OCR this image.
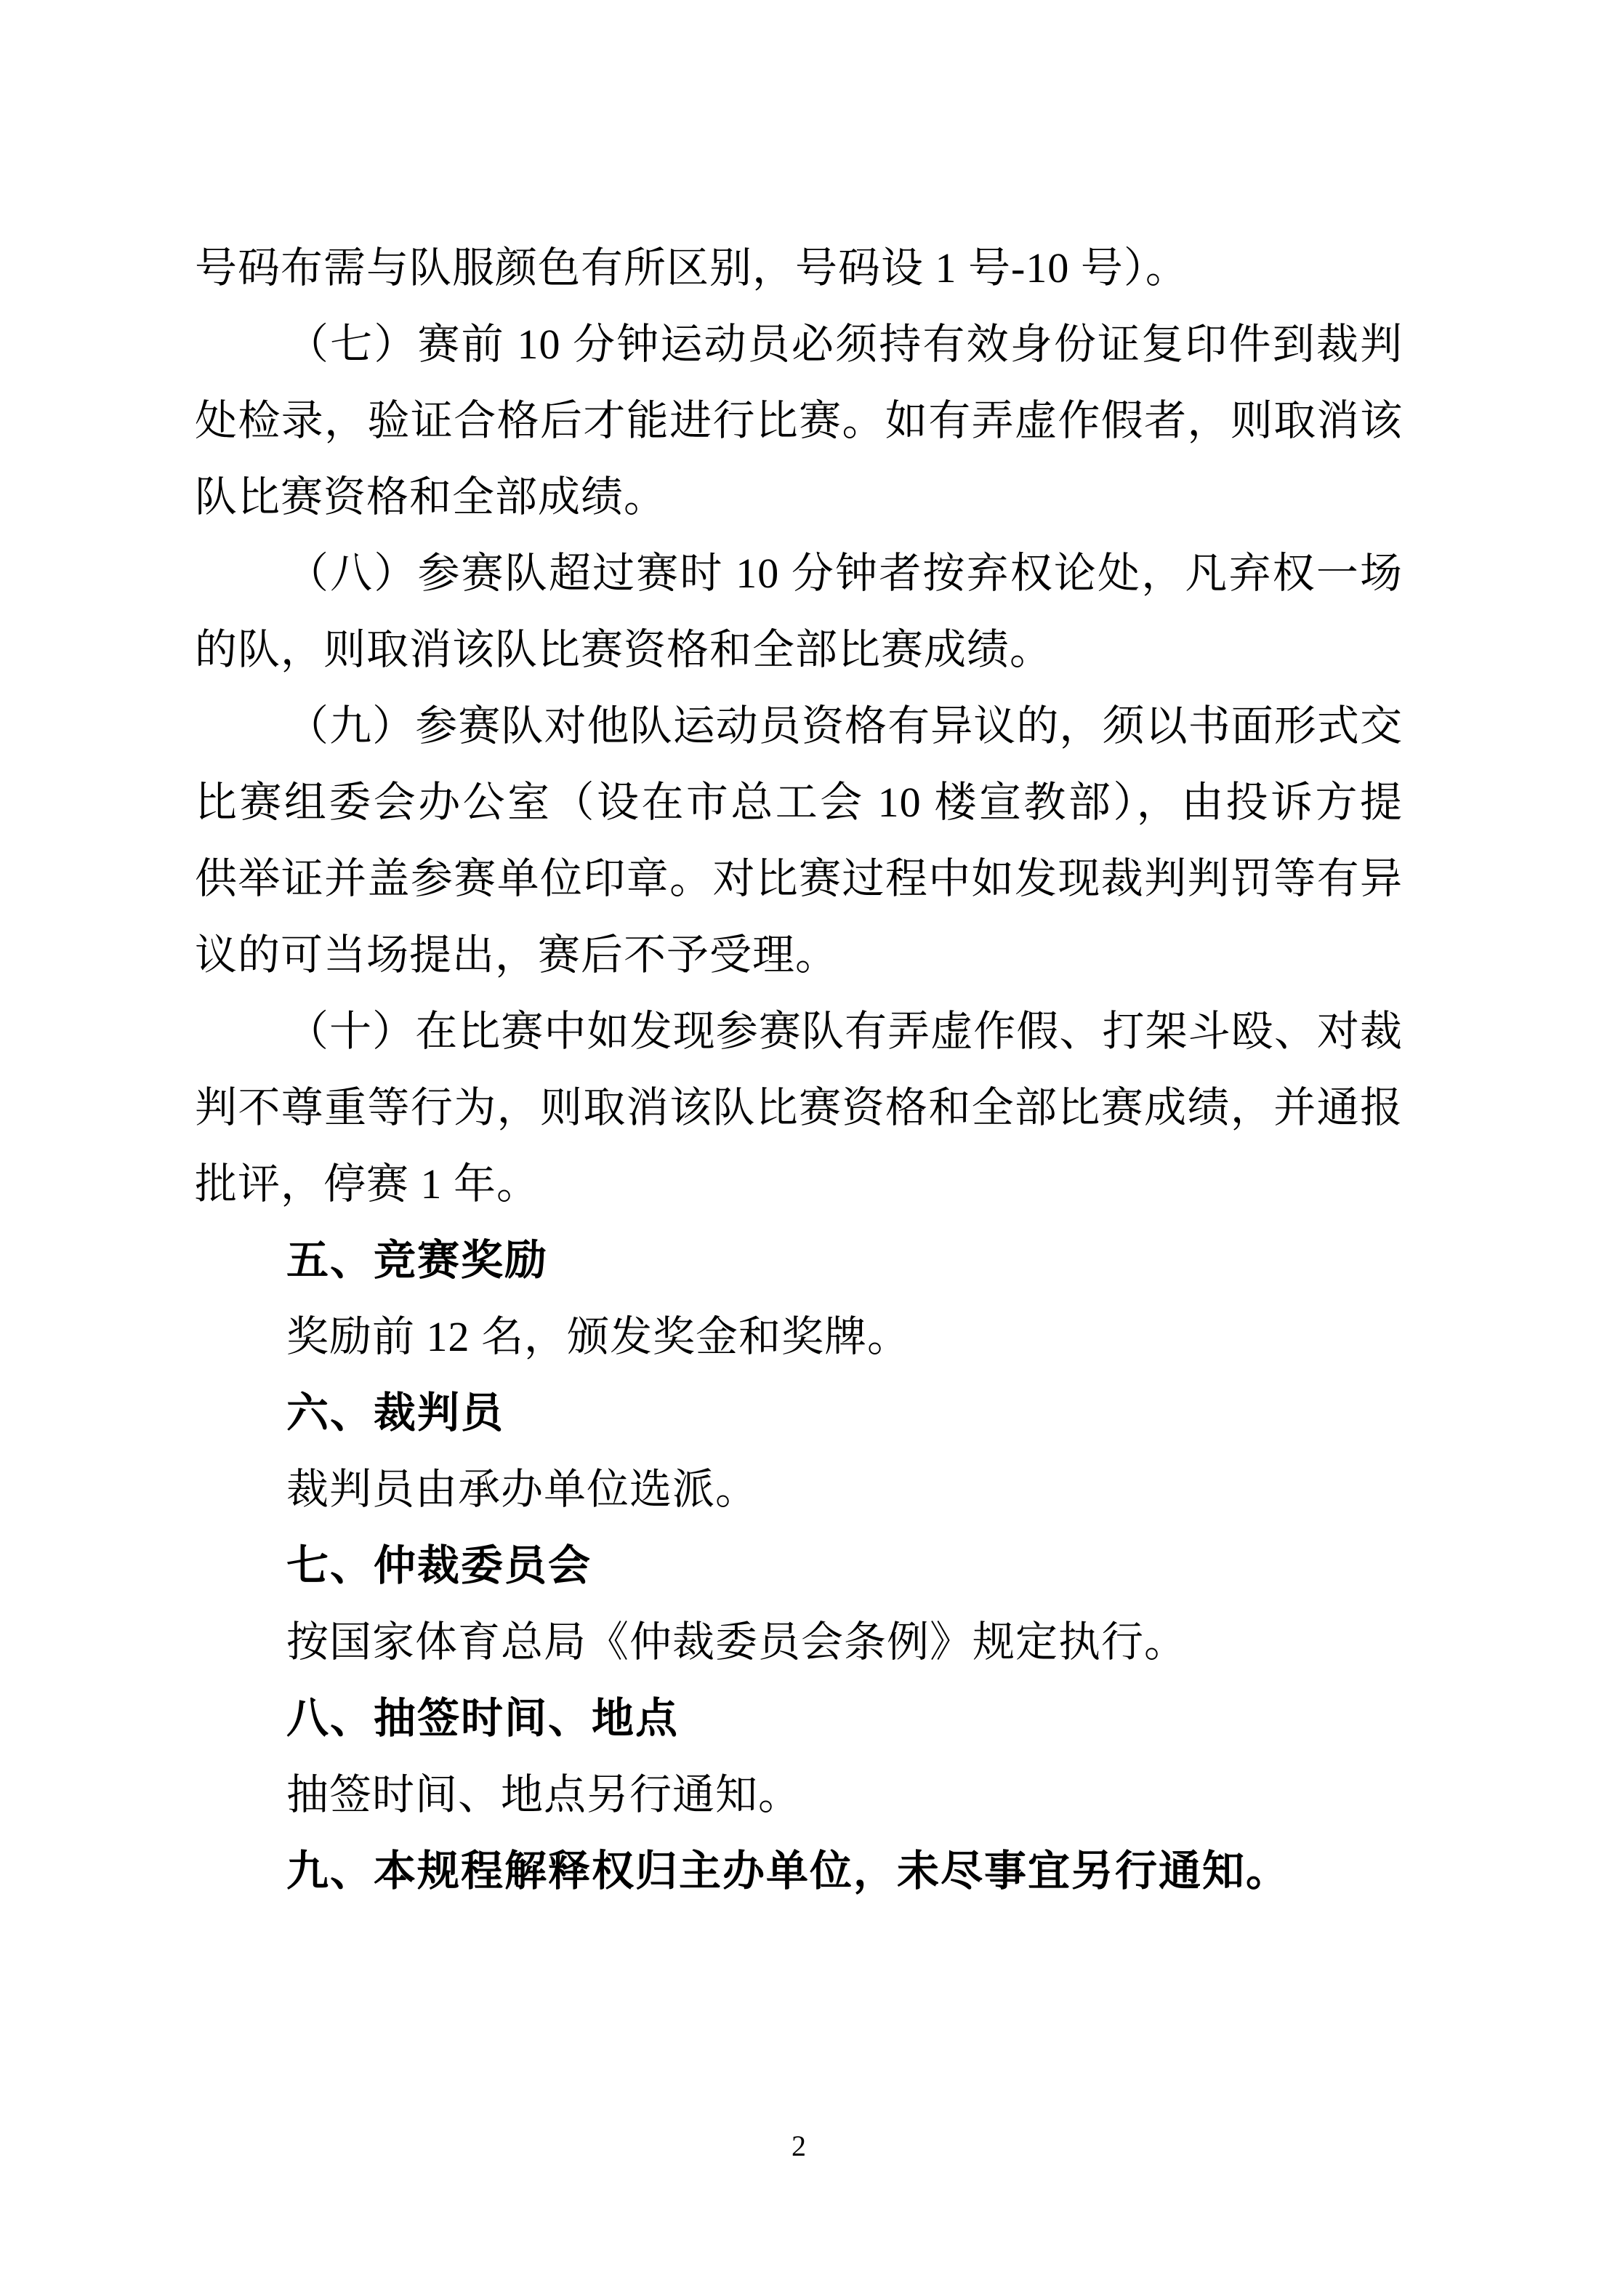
号码布需与队服颜色有所区别，号码设 1 号-10 号）。

（七）赛前 10 分钟运动员必须持有效身份证复印件到裁判

处检录，验证合格后才能进行比赛。如有弄虚作假者，则取消该

队比赛资格和全部成绩。

（八）参赛队超过赛时 10 分钟者按弃权论处，凡弃权一场

的队，则取消该队比赛资格和全部比赛成绩。

（九）参赛队对他队运动员资格有异议的，须以书面形式交

比赛组委会办公室（设在市总工会 10 楼宣教部），由投诉方提

供举证并盖参赛单位印章。对比赛过程中如发现裁判判罚等有异

议的可当场提出，赛后不予受理。

（十）在比赛中如发现参赛队有弄虚作假、打架斗殴、对裁

判不尊重等行为，则取消该队比赛资格和全部比赛成绩，并通报

批评，停赛 1 年。

五、竞赛奖励

奖励前 12 名，颁发奖金和奖牌。

六、裁判员

裁判员由承办单位选派。

七、仲裁委员会

按国家体育总局《仲裁委员会条例》规定执行。

八、抽签时间、地点

抽签时间、地点另行通知。

九、本规程解释权归主办单位，未尽事宜另行通知。

2
